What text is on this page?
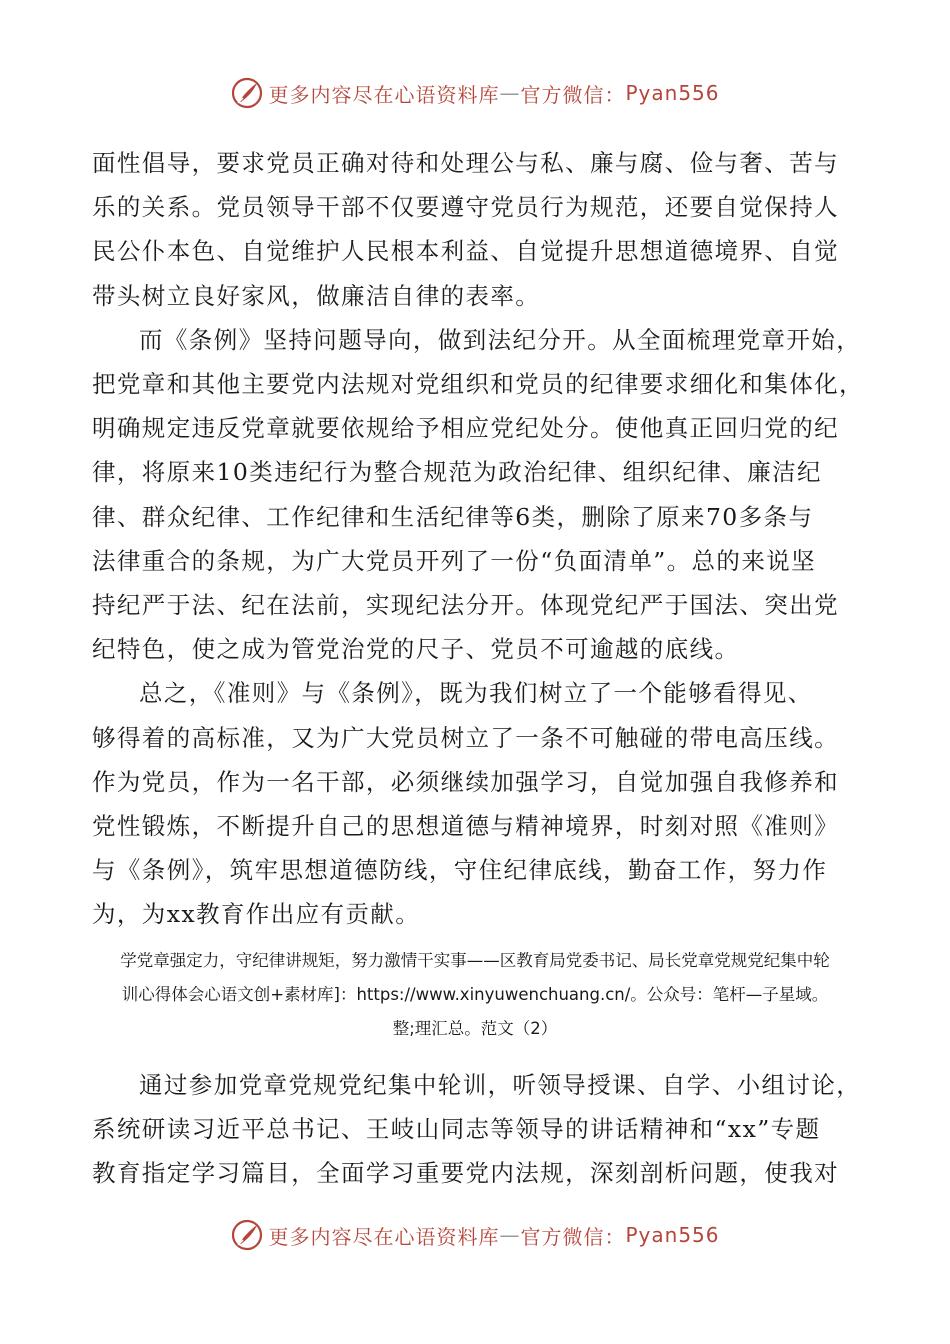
更多内容尽在心语资料库 — 官方微信： Pyan556

面性倡导，要求党员正确对待和处理公与私、廉与腐、俭与奢、苦与
乐的关系。党员领导干部不仅要遵守党员行为规范，还要自觉保持人
民公仆本色、自觉维护人民根本利益、自觉提升思想道德境界、自觉
带头树立良好家风，做廉洁自律的表率。

而《条例》坚持问题导向，做到法纪分开。从全面梳理党章开始，
把党章和其他主要党内法规对党组织和党员的纪律要求细化和集体化，
明确规定违反党章就要依规给予相应党纪处分。使他真正回归党的纪
律，将原来10类违纪行为整合规范为政治纪律、组织纪律、廉洁纪
律、群众纪律、工作纪律和生活纪律等6类，删除了原来70多条与
法律重合的条规，为广大党员开列了一份“负面清单”。总的来说坚
持纪严于法、纪在法前，实现纪法分开。体现党纪严于国法、突出党
纪特色，使之成为管党治党的尺子、党员不可逾越的底线。

总之，《准则》与《条例》，既为我们树立了一个能够看得见、
够得着的高标准，又为广大党员树立了一条不可触碰的带电高压线。
作为党员，作为一名干部，必须继续加强学习，自觉加强自我修养和
党性锻炼，不断提升自己的思想道德与精神境界，时刻对照《准则》
与《条例》，筑牢思想道德防线，守住纪律底线，勤奋工作，努力作
为，为xx教育作出应有贡献。

学党章强定力，守纪律讲规矩，努力激情干实事——区教育局党委书记、局长党章党规党纪集中轮
训心得体会心语文创+素材库]：https://www.xinyuwenchuang.cn/。公众号：笔杆—子星域。
整;理汇总。范文（2）

通过参加党章党规党纪集中轮训，听领导授课、自学、小组讨论，
系统研读习近平总书记、王岐山同志等领导的讲话精神和“xx”专题
教育指定学习篇目，全面学习重要党内法规，深刻剖析问题，使我对

更多内容尽在心语资料库 — 官方微信： Pyan556
